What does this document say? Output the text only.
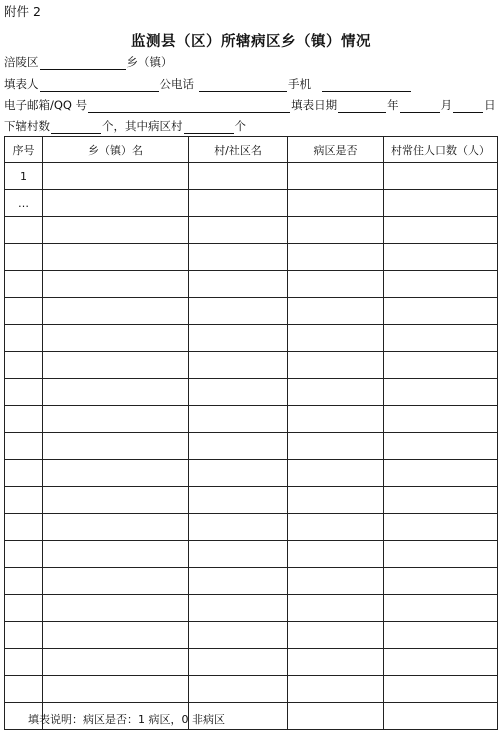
附件 2
监测县（区）所辖病区乡（镇）情况
涪陵区	乡（镇）
填表人	公电话	手机
电子邮箱/QQ 号	填表日期	年	月	日
下辖村数	个，其中病区村	个
序号	乡（镇）名	村/社区名	病区是否	村常住人口数（人）
1				
…				

填表说明：病区是否：1 病区，0 非病区
